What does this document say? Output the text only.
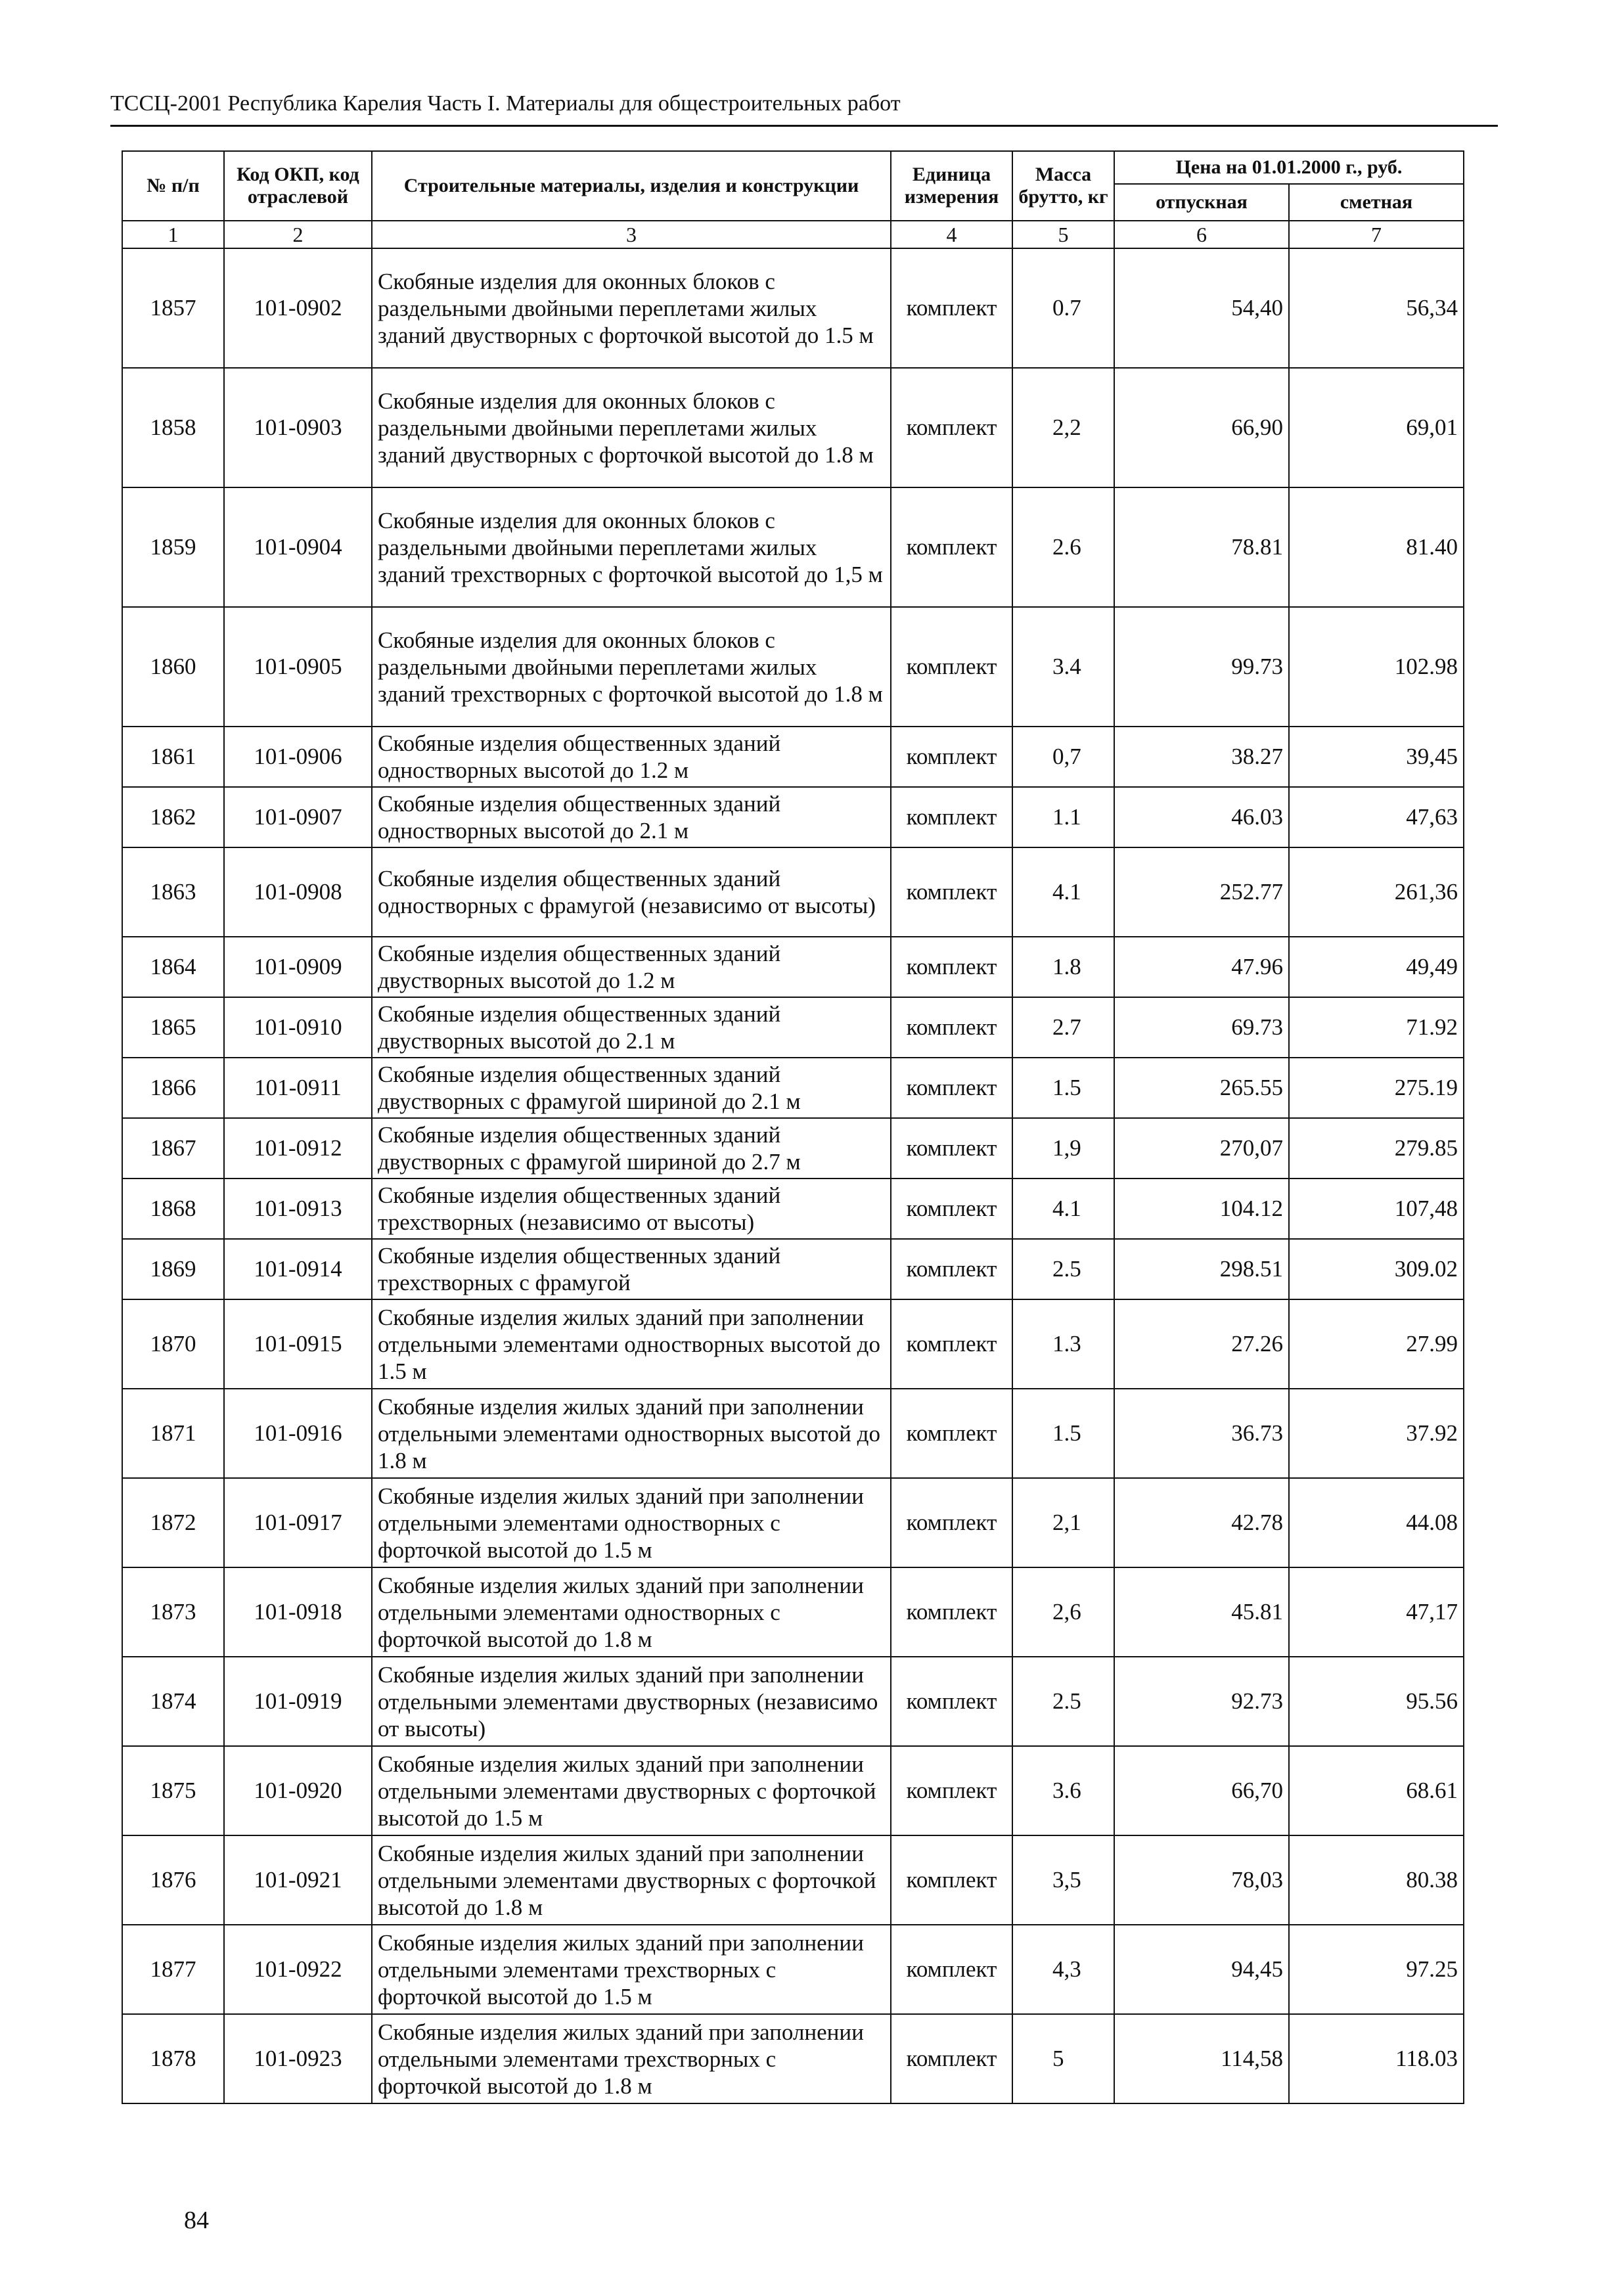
ТССЦ-2001 Республика Карелия Часть I. Материалы для общестроительных работ
№ п/п	Код ОКП, код отраслевой	Строительные материалы, изделия и конструкции	Единица измерения	Масса брутто, кг	Цена на 01.01.2000 г., руб.	
					отпускная	сметная
1	2	3	4	5	6	7
1857	101-0902	Скобяные изделия для оконных блоков с раздельными двойными переплетами жилых зданий двустворных с форточкой высотой до 1.5 м	комплект	0.7	54,40	56,34
1858	101-0903	Скобяные изделия для оконных блоков с раздельными двойными переплетами жилых зданий двустворных с форточкой высотой до 1.8 м	комплект	2,2	66,90	69,01
1859	101-0904	Скобяные изделия для оконных блоков с раздельными двойными переплетами жилых зданий трехстворных с форточкой высотой до 1,5 м	комплект	2.6	78.81	81.40
1860	101-0905	Скобяные изделия для оконных блоков с раздельными двойными переплетами жилых зданий трехстворных с форточкой высотой до 1.8 м	комплект	3.4	99.73	102.98
1861	101-0906	Скобяные изделия общественных зданий одностворных высотой до 1.2 м	комплект	0,7	38.27	39,45
1862	101-0907	Скобяные изделия общественных зданий одностворных высотой до 2.1 м	комплект	1.1	46.03	47,63
1863	101-0908	Скобяные изделия общественных зданий одностворных с фрамугой (независимо от высоты)	комплект	4.1	252.77	261,36
1864	101-0909	Скобяные изделия общественных зданий двустворных высотой до 1.2 м	комплект	1.8	47.96	49,49
1865	101-0910	Скобяные изделия общественных зданий двустворных высотой до 2.1 м	комплект	2.7	69.73	71.92
1866	101-0911	Скобяные изделия общественных зданий двустворных с фрамугой шириной до 2.1 м	комплект	1.5	265.55	275.19
1867	101-0912	Скобяные изделия общественных зданий двустворных с фрамугой шириной до 2.7 м	комплект	1,9	270,07	279.85
1868	101-0913	Скобяные изделия общественных зданий трехстворных (независимо от высоты)	комплект	4.1	104.12	107,48
1869	101-0914	Скобяные изделия общественных зданий трехстворных с фрамугой	комплект	2.5	298.51	309.02
1870	101-0915	Скобяные изделия жилых зданий при заполнении отдельными элементами одностворных высотой до 1.5 м	комплект	1.3	27.26	27.99
1871	101-0916	Скобяные изделия жилых зданий при заполнении отдельными элементами одностворных высотой до 1.8 м	комплект	1.5	36.73	37.92
1872	101-0917	Скобяные изделия жилых зданий при заполнении отдельными элементами одностворных с форточкой высотой до 1.5 м	комплект	2,1	42.78	44.08
1873	101-0918	Скобяные изделия жилых зданий при заполнении отдельными элементами одностворных с форточкой высотой до 1.8 м	комплект	2,6	45.81	47,17
1874	101-0919	Скобяные изделия жилых зданий при заполнении отдельными элементами двустворных (независимо от высоты)	комплект	2.5	92.73	95.56
1875	101-0920	Скобяные изделия жилых зданий при заполнении отдельными элементами двустворных с форточкой высотой до 1.5 м	комплект	3.6	66,70	68.61
1876	101-0921	Скобяные изделия жилых зданий при заполнении отдельными элементами двустворных с форточкой высотой до 1.8 м	комплект	3,5	78,03	80.38
1877	101-0922	Скобяные изделия жилых зданий при заполнении отдельными элементами трехстворных с форточкой высотой до 1.5 м	комплект	4,3	94,45	97.25
1878	101-0923	Скобяные изделия жилых зданий при заполнении отдельными элементами трехстворных с форточкой высотой до 1.8 м	комплект	5	114,58	118.03
84
